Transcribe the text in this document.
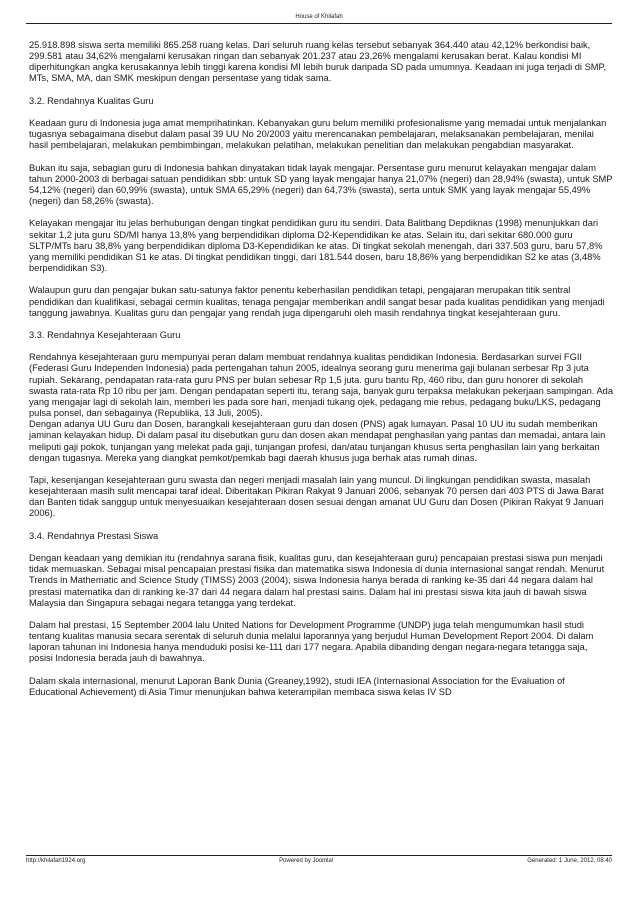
House of Khilafah

25.918.898 siswa serta memiliki 865.258 ruang kelas. Dari seluruh ruang kelas tersebut sebanyak 364.440 atau 42,12% berkondisi baik, 299.581 atau 34,62% mengalami kerusakan ringan dan sebanyak 201.237 atau 23,26% mengalami kerusakan berat. Kalau kondisi MI diperhitungkan angka kerusakannya lebih tinggi karena kondisi MI lebih buruk daripada SD pada umumnya. Keadaan ini juga terjadi di SMP, MTs, SMA, MA, dan SMK meskipun dengan persentase yang tidak sama.

3.2. Rendahnya Kualitas Guru

Keadaan guru di Indonesia juga amat memprihatinkan. Kebanyakan guru belum memiliki profesionalisme yang memadai untuk menjalankan tugasnya sebagaimana disebut dalam pasal 39 UU No 20/2003 yaitu merencanakan pembelajaran, melaksanakan pembelajaran, menilai hasil pembelajaran, melakukan pembimbingan, melakukan pelatihan, melakukan penelitian dan melakukan pengabdian masyarakat.

Bukan itu saja, sebagian guru di Indonesia bahkan dinyatakan tidak layak mengajar. Persentase guru menurut kelayakan mengajar dalam tahun 2000-2003 di berbagai satuan pendidikan sbb: untuk SD yang layak mengajar hanya 21,07% (negeri) dan 28,94% (swasta), untuk SMP 54,12% (negeri) dan 60,99% (swasta), untuk SMA 65,29% (negeri) dan 64,73% (swasta), serta untuk SMK yang layak mengajar 55,49% (negeri) dan 58,26% (swasta).

Kelayakan mengajar itu jelas berhubungan dengan tingkat pendidikan guru itu sendiri. Data Balitbang Depdiknas (1998) menunjukkan dari sekitar 1,2 juta guru SD/MI hanya 13,8% yang berpendidikan diploma D2-Kependidikan ke atas. Selain itu, dari sekitar 680.000 guru SLTP/MTs baru 38,8% yang berpendidikan diploma D3-Kependidikan ke atas. Di tingkat sekolah menengah, dari 337.503 guru, baru 57,8% yang memiliki pendidikan S1 ke atas. Di tingkat pendidikan tinggi, dari 181.544 dosen, baru 18,86% yang berpendidikan S2 ke atas (3,48% berpendidikan S3).

Walaupun guru dan pengajar bukan satu-satunya faktor penentu keberhasilan pendidikan tetapi, pengajaran merupakan titik sentral pendidikan dan kualifikasi, sebagai cermin kualitas, tenaga pengajar memberikan andil sangat besar pada kualitas pendidikan yang menjadi tanggung jawabnya. Kualitas guru dan pengajar yang rendah juga dipengaruhi oleh masih rendahnya tingkat kesejahteraan guru.

3.3. Rendahnya Kesejahteraan Guru

Rendahnya kesejahteraan guru mempunyai peran dalam membuat rendahnya kualitas pendidikan Indonesia. Berdasarkan survei FGII (Federasi Guru Independen Indonesia) pada pertengahan tahun 2005, idealnya seorang guru menerima gaji bulanan serbesar Rp 3 juta rupiah. Sekarang, pendapatan rata-rata guru PNS per bulan sebesar Rp 1,5 juta. guru bantu Rp, 460 ribu, dan guru honorer di sekolah swasta rata-rata Rp 10 ribu per jam. Dengan pendapatan seperti itu, terang saja, banyak guru terpaksa melakukan pekerjaan sampingan. Ada yang mengajar lagi di sekolah lain, memberi les pada sore hari, menjadi tukang ojek, pedagang mie rebus, pedagang buku/LKS, pedagang pulsa ponsel, dan sebagainya (Republika, 13 Juli, 2005).

Dengan adanya UU Guru dan Dosen, barangkali kesejahteraan guru dan dosen (PNS) agak lumayan. Pasal 10 UU itu sudah memberikan jaminan kelayakan hidup. Di dalam pasal itu disebutkan guru dan dosen akan mendapat penghasilan yang pantas dan memadai, antara lain meliputi gaji pokok, tunjangan yang melekat pada gaji, tunjangan profesi, dan/atau tunjangan khusus serta penghasilan lain yang berkaitan dengan tugasnya. Mereka yang diangkat pemkot/pemkab bagi daerah khusus juga berhak atas rumah dinas.

Tapi, kesenjangan kesejahteraan guru swasta dan negeri menjadi masalah lain yang muncul. Di lingkungan pendidikan swasta, masalah kesejahteraan masih sulit mencapai taraf ideal. Diberitakan Pikiran Rakyat 9 Januari 2006, sebanyak 70 persen dari 403 PTS di Jawa Barat dan Banten tidak sanggup untuk menyesuaikan kesejahteraan dosen sesuai dengan amanat UU Guru dan Dosen (Pikiran Rakyat 9 Januari 2006).

3.4. Rendahnya Prestasi Siswa

Dengan keadaan yang demikian itu (rendahnya sarana fisik, kualitas guru, dan kesejahteraan guru) pencapaian prestasi siswa pun menjadi tidak memuaskan. Sebagai misal pencapaian prestasi fisika dan matematika siswa Indonesia di dunia internasional sangat rendah. Menurut Trends in Mathematic and Science Study (TIMSS) 2003 (2004), siswa Indonesia hanya berada di ranking ke-35 dari 44 negara dalam hal prestasi matematika dan di ranking ke-37 dari 44 negara dalam hal prestasi sains. Dalam hal ini prestasi siswa kita jauh di bawah siswa Malaysia dan Singapura sebagai negara tetangga yang terdekat.

Dalam hal prestasi, 15 September 2004 lalu United Nations for Development Programme (UNDP) juga telah mengumumkan hasil studi tentang kualitas manusia secara serentak di seluruh dunia melalui laporannya yang berjudul Human Development Report 2004. Di dalam laporan tahunan ini Indonesia hanya menduduki posisi ke-111 dari 177 negara. Apabila dibanding dengan negara-negara tetangga saja, posisi Indonesia berada jauh di bawahnya.

Dalam skala internasional, menurut Laporan Bank Dunia (Greaney,1992), studi IEA (Internasional Association for the Evaluation of Educational Achievement) di Asia Timur menunjukan bahwa keterampilan membaca siswa kelas IV SD

http://khilafah1924.org	Powered by Joomla!	Generated: 1 June, 2012, 08:40
